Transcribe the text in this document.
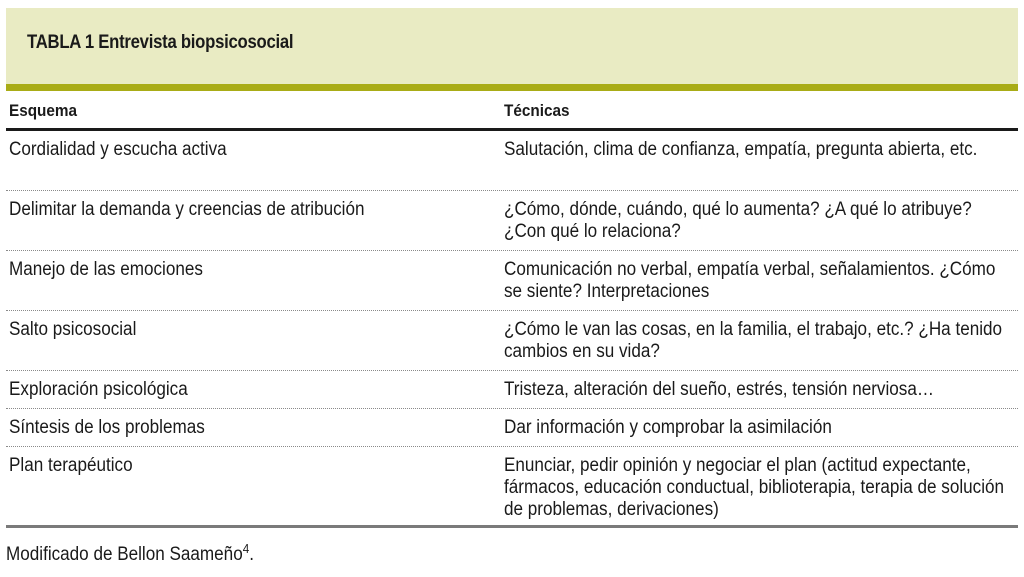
TABLA 1 Entrevista biopsicosocial
Esquema	Técnicas
Cordialidad y escucha activa	Salutación, clima de confianza, empatía, pregunta abierta, etc.
Delimitar la demanda y creencias de atribución	¿Cómo, dónde, cuándo, qué lo aumenta? ¿A qué lo atribuye? ¿Con qué lo relaciona?
Manejo de las emociones	Comunicación no verbal, empatía verbal, señalamientos. ¿Cómo se siente? Interpretaciones
Salto psicosocial	¿Cómo le van las cosas, en la familia, el trabajo, etc.? ¿Ha tenido cambios en su vida?
Exploración psicológica	Tristeza, alteración del sueño, estrés, tensión nerviosa…
Síntesis de los problemas	Dar información y comprobar la asimilación
Plan terapéutico	Enunciar, pedir opinión y negociar el plan (actitud expectante, fármacos, educación conductual, biblioterapia, terapia de solución de problemas, derivaciones)
Modificado de Bellon Saameño$^4$.
